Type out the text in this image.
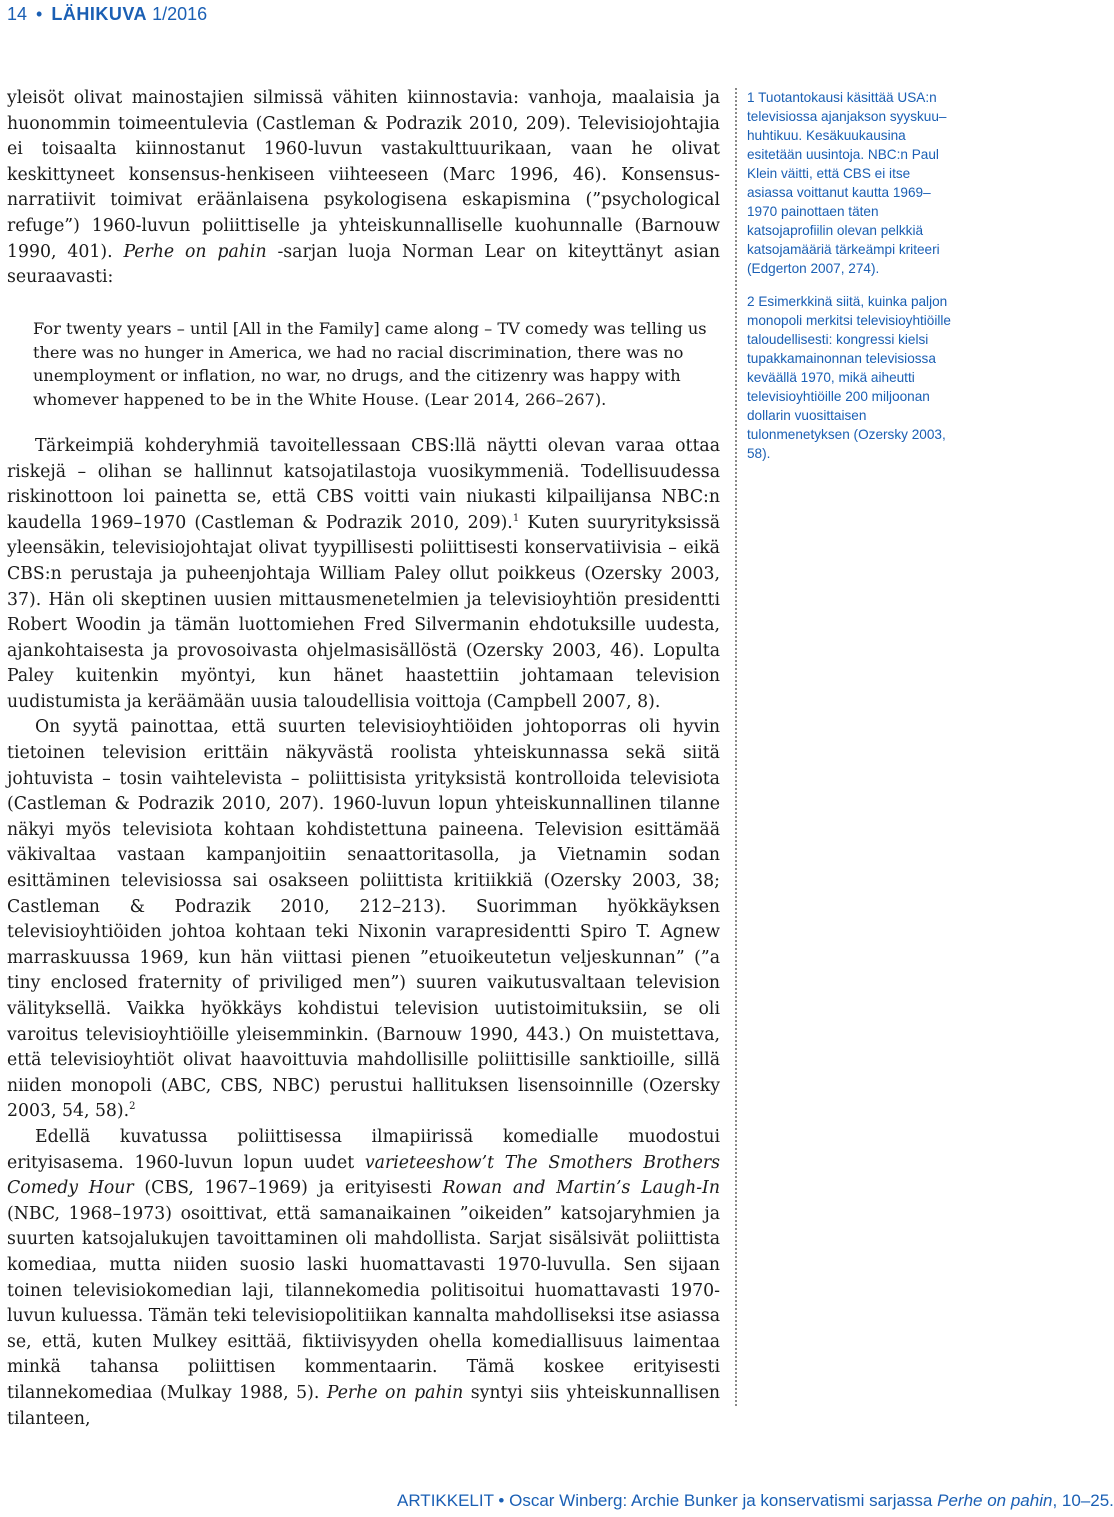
14 • LÄHIKUVA 1/2016

yleisöt olivat mainostajien silmissä vähiten kiinnostavia: vanhoja, maalaisia ja huonommin toimeentulevia (Castleman & Podrazik 2010, 209). Televisiojohtajia ei toisaalta kiinnostanut 1960-luvun vastakulttuurikaan, vaan he olivat keskittyneet konsensus-henkiseen viihteeseen (Marc 1996, 46). Konsensus-narratiivit toimivat eräänlaisena psykologisena eskapismina (”psychological refuge”) 1960-luvun poliittiselle ja yhteiskunnalliselle kuohunnalle (Barnouw 1990, 401). Perhe on pahin -sarjan luoja Norman Lear on kiteyttänyt asian seuraavasti:

For twenty years – until [All in the Family] came along – TV comedy was telling us there was no hunger in America, we had no racial discrimination, there was no unemployment or inflation, no war, no drugs, and the citizenry was happy with whomever happened to be in the White House. (Lear 2014, 266–267).

Tärkeimpiä kohderyhmiä tavoitellessaan CBS:llä näytti olevan varaa ottaa riskejä – olihan se hallinnut katsojatilastoja vuosikymmeniä. Todellisuudessa riskinottoon loi painetta se, että CBS voitti vain niukasti kilpailijansa NBC:n kaudella 1969–1970 (Castleman & Podrazik 2010, 209).$^1$ Kuten suuryrityksissä yleensäkin, televisiojohtajat olivat tyypillisesti poliittisesti konservatiivisia – eikä CBS:n perustaja ja puheenjohtaja William Paley ollut poikkeus (Ozersky 2003, 37). Hän oli skeptinen uusien mittausmenetelmien ja televisioyhtiön presidentti Robert Woodin ja tämän luottomiehen Fred Silvermanin ehdotuksille uudesta, ajankohtaisesta ja provosoivasta ohjelmasisällöstä (Ozersky 2003, 46). Lopulta Paley kuitenkin myöntyi, kun hänet haastettiin johtamaan television uudistumista ja keräämään uusia taloudellisia voittoja (Campbell 2007, 8).

On syytä painottaa, että suurten televisioyhtiöiden johtoporras oli hyvin tietoinen television erittäin näkyvästä roolista yhteiskunnassa sekä siitä johtuvista – tosin vaihtelevista – poliittisista yrityksistä kontrolloida televisiota (Castleman & Podrazik 2010, 207). 1960-luvun lopun yhteiskunnallinen tilanne näkyi myös televisiota kohtaan kohdistettuna paineena. Television esittämää väkivaltaa vastaan kampanjoitiin senaattoritasolla, ja Vietnamin sodan esittäminen televisiossa sai osakseen poliittista kritiikkiä (Ozersky 2003, 38; Castleman & Podrazik 2010, 212–213). Suorimman hyökkäyksen televisioyhtiöiden johtoa kohtaan teki Nixonin varapresidentti Spiro T. Agnew marraskuussa 1969, kun hän viittasi pienen ”etuoikeutetun veljeskunnan” (”a tiny enclosed fraternity of priviliged men”) suuren vaikutusvaltaan television välityksellä. Vaikka hyökkäys kohdistui television uutistoimituksiin, se oli varoitus televisioyhtiöille yleisemminkin. (Barnouw 1990, 443.) On muistettava, että televisioyhtiöt olivat haavoittuvia mahdollisille poliittisille sanktioille, sillä niiden monopoli (ABC, CBS, NBC) perustui hallituksen lisensoinnille (Ozersky 2003, 54, 58).$^2$

Edellä kuvatussa poliittisessa ilmapiirissä komedialle muodostui erityisasema. 1960-luvun lopun uudet varieteeshow’t The Smothers Brothers Comedy Hour (CBS, 1967–1969) ja erityisesti Rowan and Martin’s Laugh-In (NBC, 1968–1973) osoittivat, että samanaikainen ”oikeiden” katsojaryhmien ja suurten katsojalukujen tavoittaminen oli mahdollista. Sarjat sisälsivät poliittista komediaa, mutta niiden suosio laski huomattavasti 1970-luvulla. Sen sijaan toinen televisiokomedian laji, tilannekomedia politisoitui huomattavasti 1970-luvun kuluessa. Tämän teki televisiopolitiikan kannalta mahdolliseksi itse asiassa se, että, kuten Mulkey esittää, fiktiivisyyden ohella komediallisuus laimentaa minkä tahansa poliittisen kommentaarin. Tämä koskee erityisesti tilannekomediaa (Mulkay 1988, 5). Perhe on pahin syntyi siis yhteiskunnallisen tilanteen,

1 Tuotantokausi käsittää USA:n televisiossa ajanjakson syyskuu–huhtikuu. Kesäkuukausina esitetään uusintoja. NBC:n Paul Klein väitti, että CBS ei itse asiassa voittanut kautta 1969–1970 painottaen täten katsojaprofiilin olevan pelkkiä katsojamääriä tärkeämpi kriteeri (Edgerton 2007, 274).

2 Esimerkkinä siitä, kuinka paljon monopoli merkitsi televisioyhtiöille taloudellisesti: kongressi kielsi tupakkamainonnan televisiossa keväällä 1970, mikä aiheutti televisioyhtiöille 200 miljoonan dollarin vuosittaisen tulonmenetyksen (Ozersky 2003, 58).

ARTIKKELIT • Oscar Winberg: Archie Bunker ja konservatismi sarjassa Perhe on pahin, 10–25.
